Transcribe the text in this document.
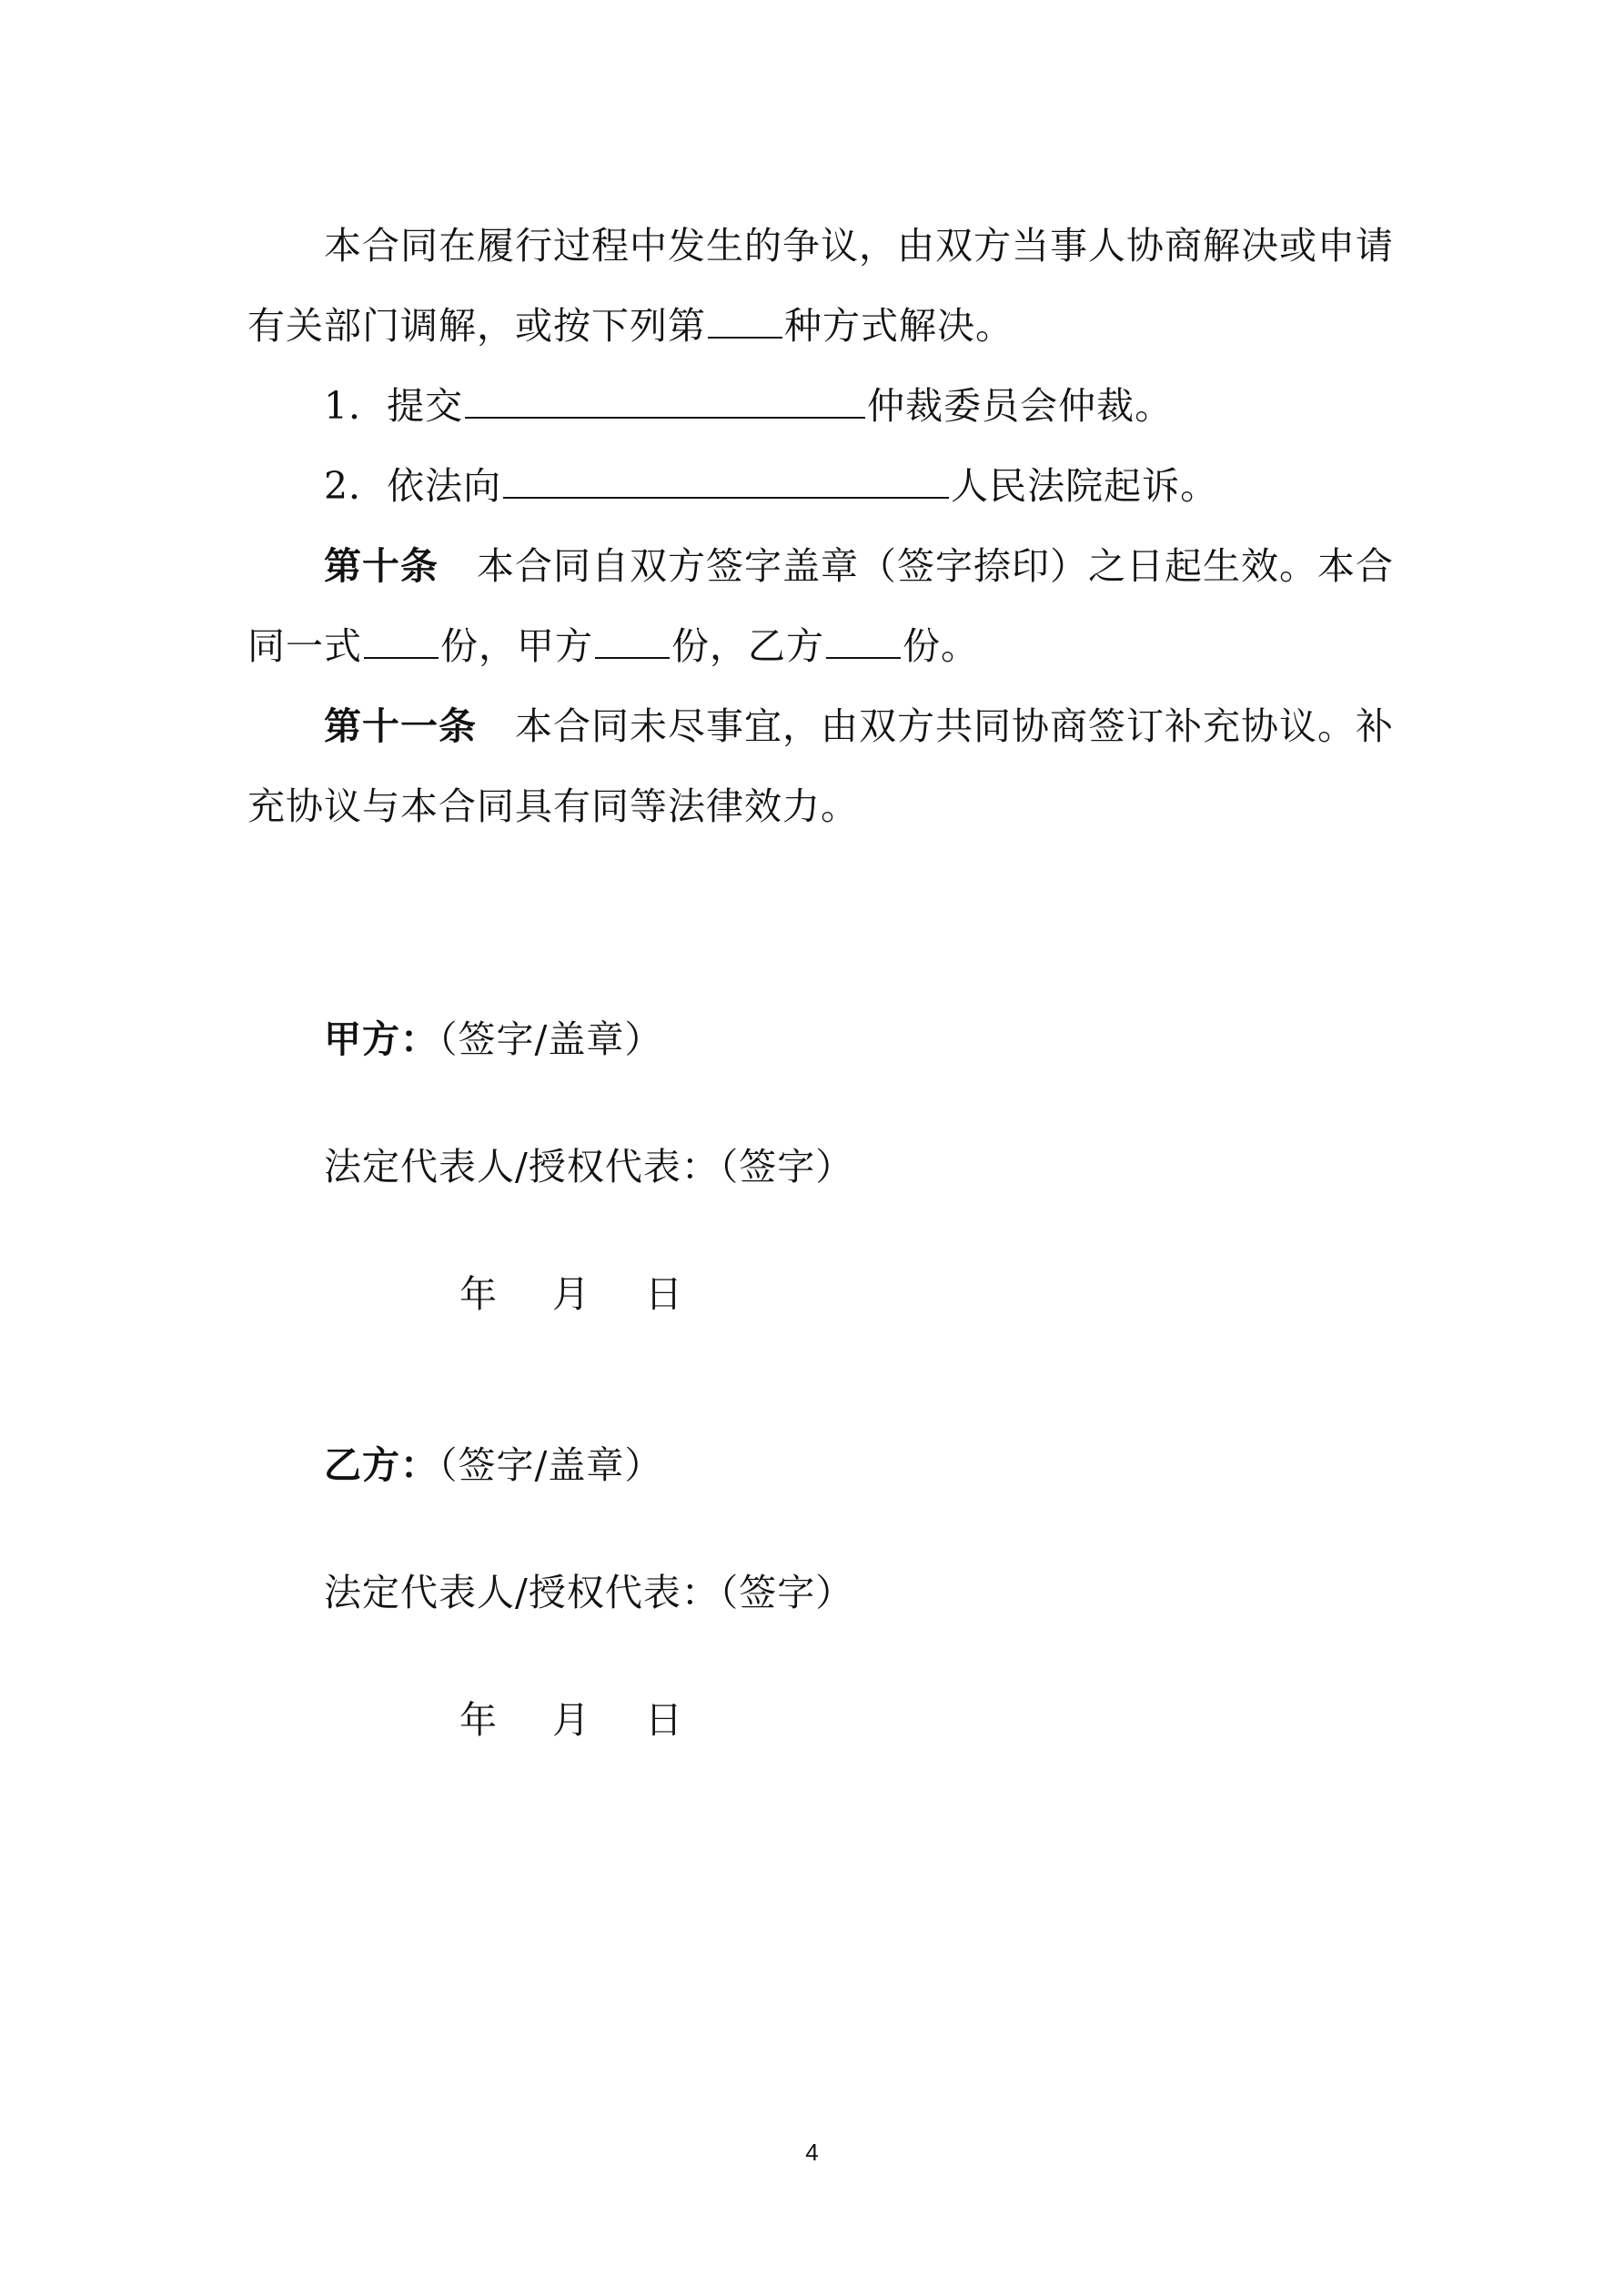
本合同在履行过程中发生的争议，由双方当事人协商解决或申请
有关部门调解，或按下列第 种方式解决。
1．提交	仲裁委员会仲裁。
2．依法向	人民法院起诉。
第十条 本合同自双方签字盖章（签字捺印）之日起生效。本合
同一式 份，甲方 份，乙方 份。
第十一条 本合同未尽事宜，由双方共同协商签订补充协议。补
充协议与本合同具有同等法律效力。
甲方：（签字/盖章）
法定代表人/授权代表：（签字）
年 月 日
乙方：（签字/盖章）
法定代表人/授权代表：（签字）
年 月 日
4
